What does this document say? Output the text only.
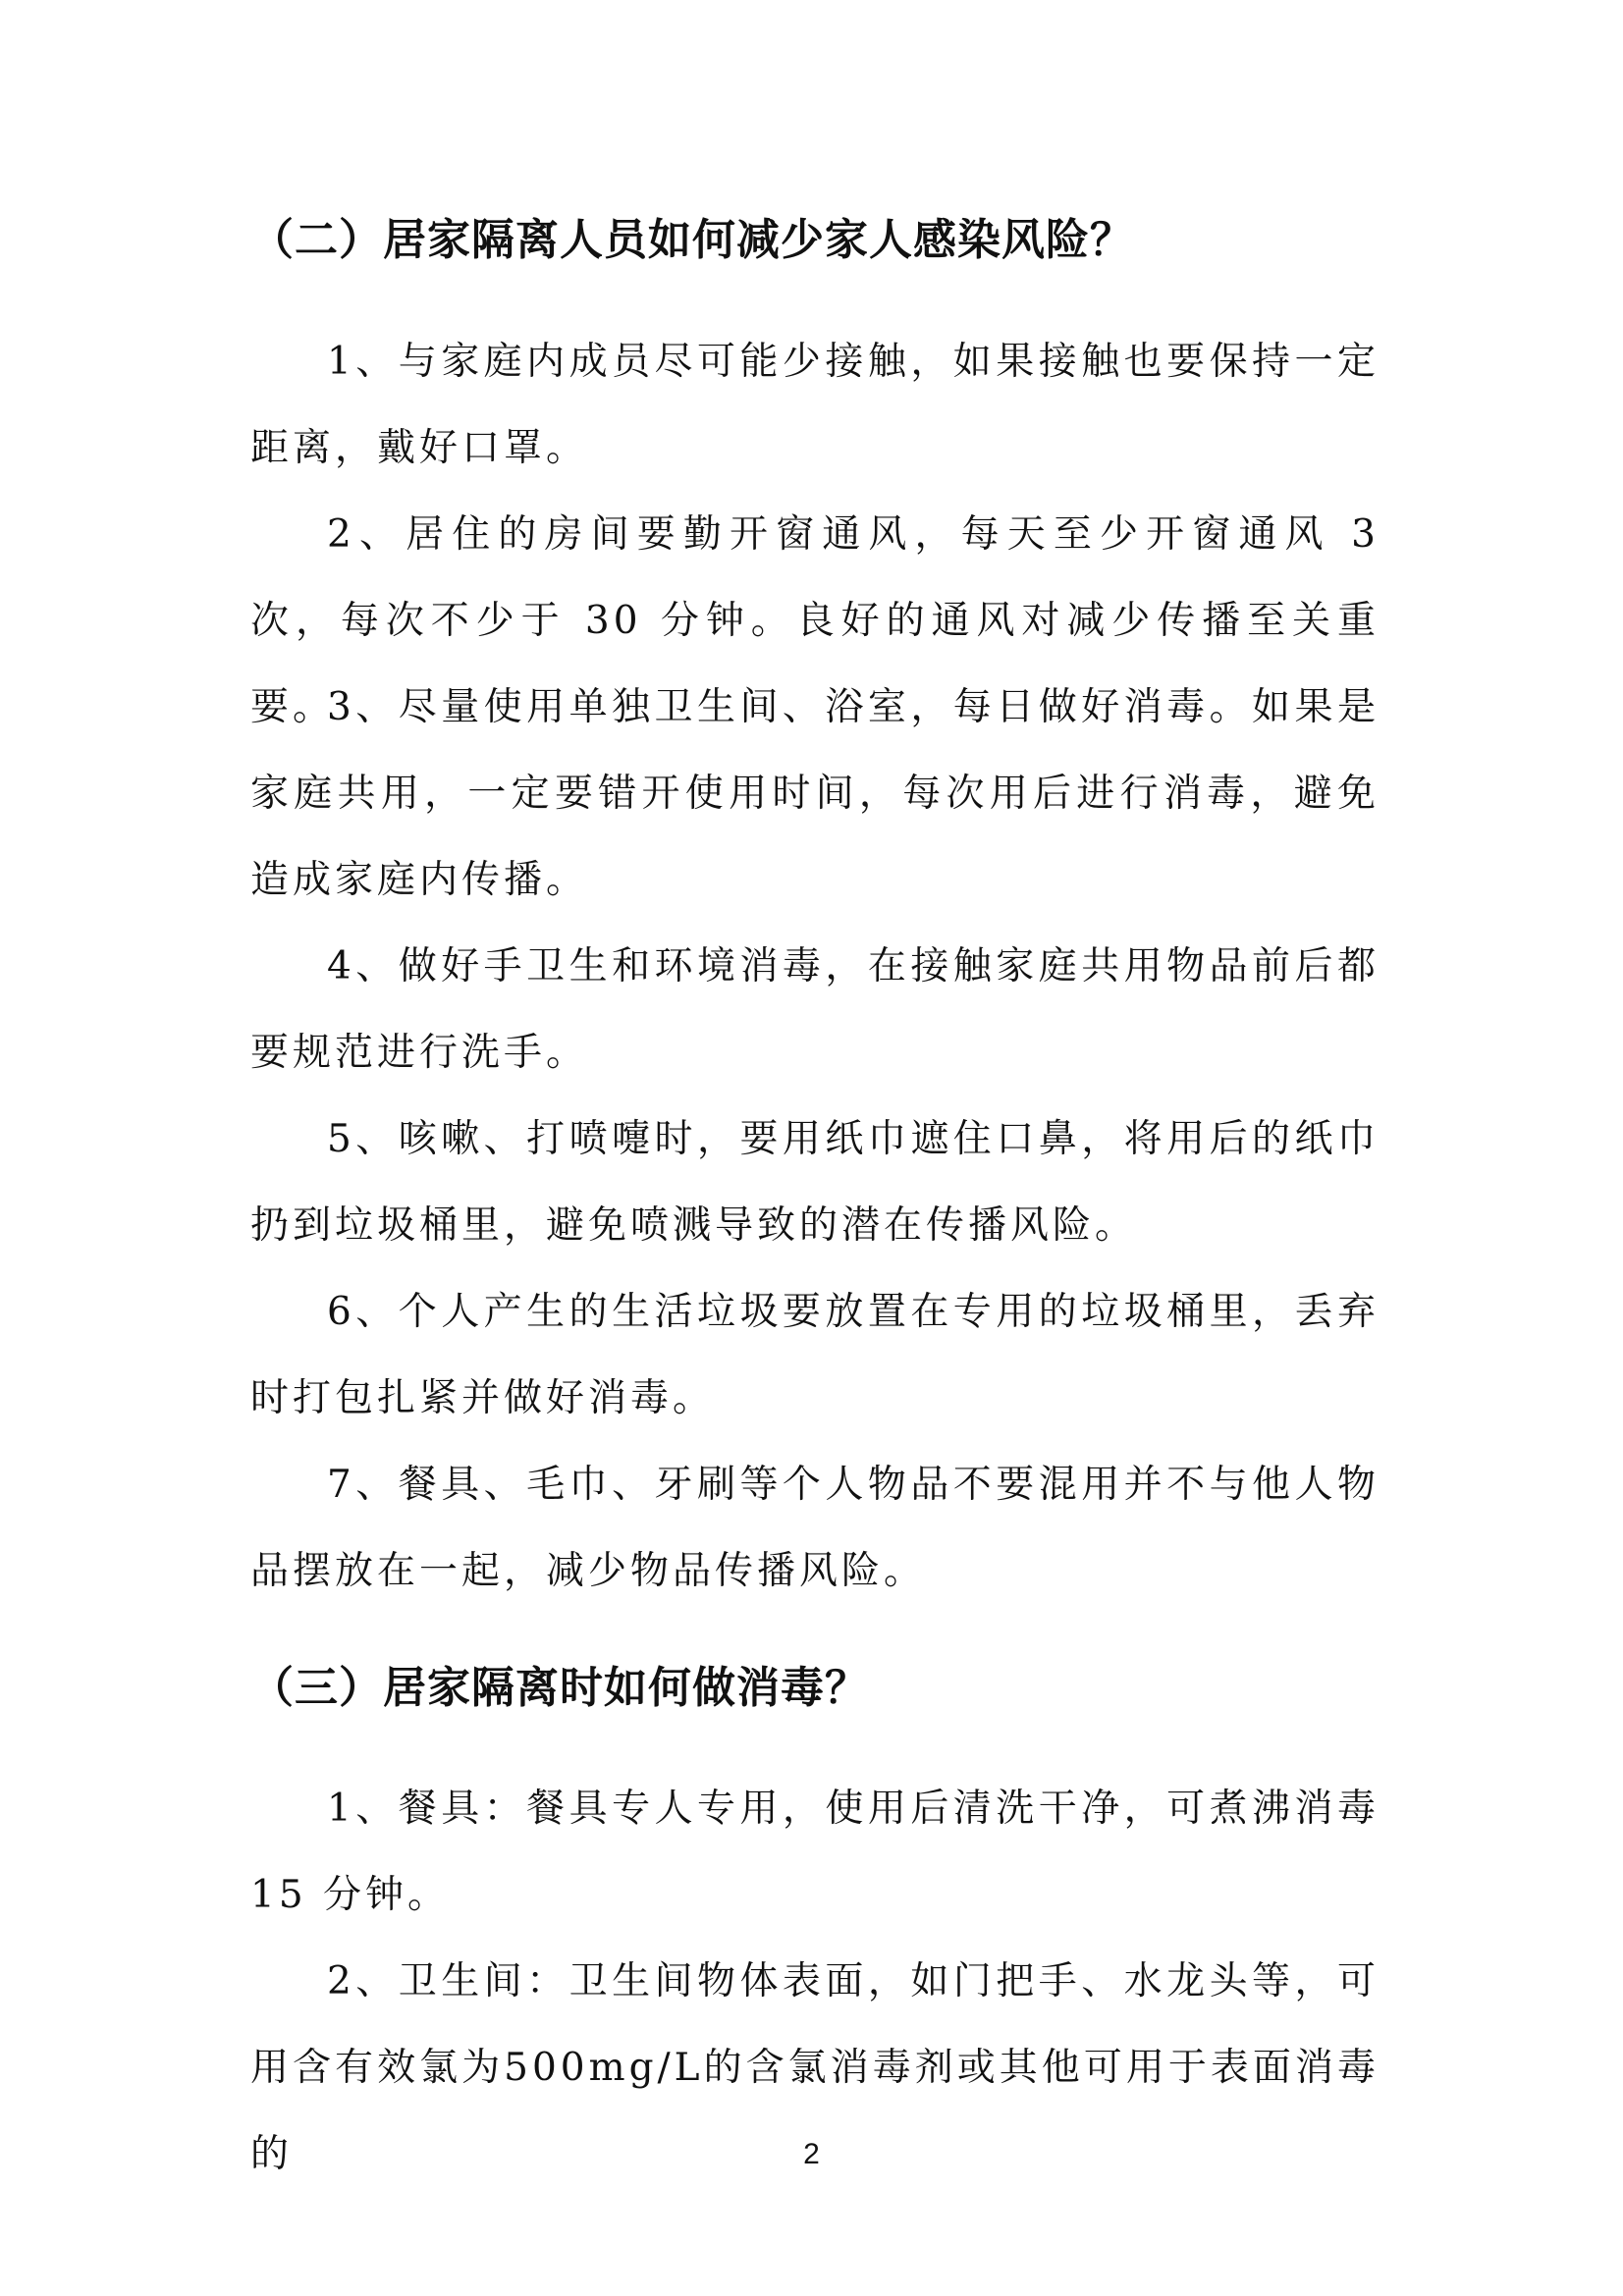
（二）居家隔离人员如何减少家人感染风险？
1、与家庭内成员尽可能少接触，如果接触也要保持一定距离，戴好口罩。
2、居住的房间要勤开窗通风，每天至少开窗通风 3 次，每次不少于 30 分钟。良好的通风对减少传播至关重要。
3、尽量使用单独卫生间、浴室，每日做好消毒。如果是家庭共用，一定要错开使用时间，每次用后进行消毒，避免造成家庭内传播。
4、做好手卫生和环境消毒，在接触家庭共用物品前后都要规范进行洗手。
5、咳嗽、打喷嚏时，要用纸巾遮住口鼻，将用后的纸巾扔到垃圾桶里，避免喷溅导致的潜在传播风险。
6、个人产生的生活垃圾要放置在专用的垃圾桶里，丢弃时打包扎紧并做好消毒。
7、餐具、毛巾、牙刷等个人物品不要混用并不与他人物品摆放在一起，减少物品传播风险。
（三）居家隔离时如何做消毒？
1、餐具：餐具专人专用，使用后清洗干净，可煮沸消毒 15 分钟。
2、卫生间：卫生间物体表面，如门把手、水龙头等，可用含有效氯为500mg/L的含氯消毒剂或其他可用于表面消毒的	2
